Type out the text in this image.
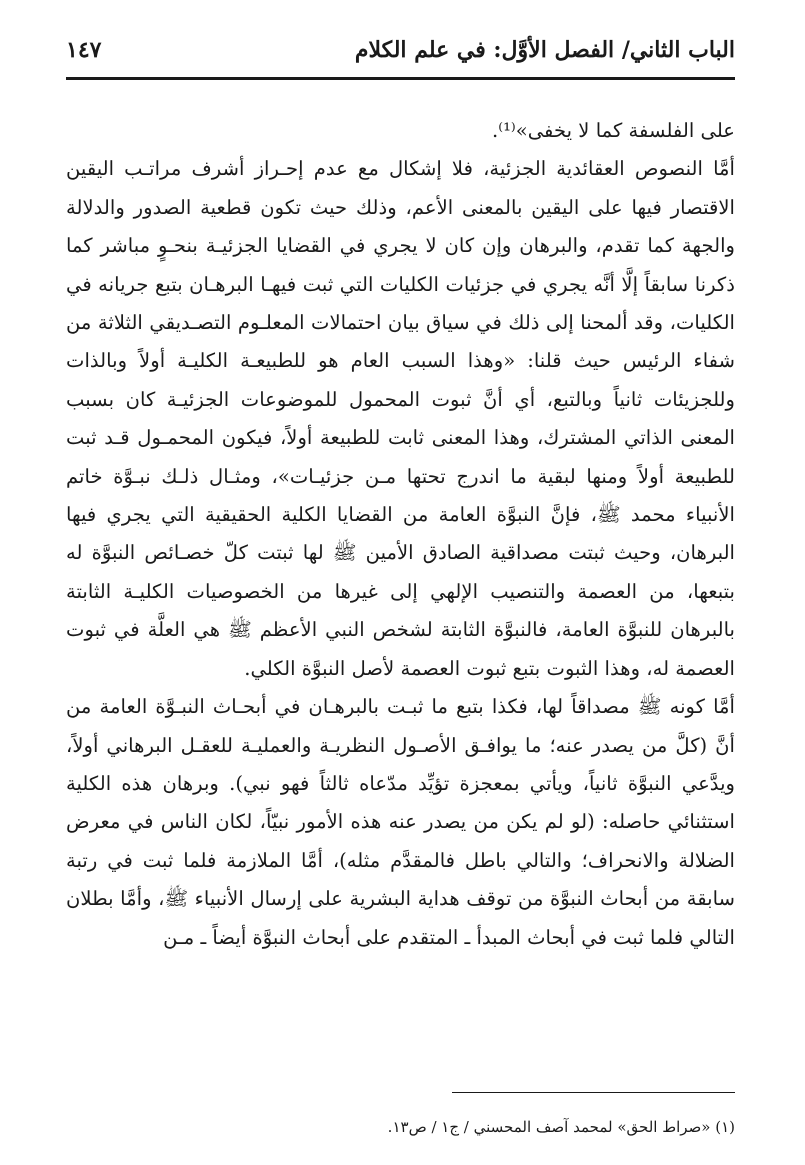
الباب الثاني/ الفصل الأوَّل: في علم الكلام
١٤٧

على الفلسفة كما لا يخفى»⁽¹⁾.

أمَّا النصوص العقائدية الجزئية، فلا إشكال مع عدم إحـراز أشرف مراتـب اليقين الاقتصار فيها على اليقين بالمعنى الأعم، وذلك حيث تكون قطعية الصدور والدلالة والجهة كما تقدم، والبرهان وإن كان لا يجري في القضايا الجزئيـة بنحـوٍ مباشر كما ذكرنا سابقاً إلَّا أنَّه يجري في جزئيات الكليات التي ثبت فيهـا البرهـان بتبع جريانه في الكليات، وقد ألمحنا إلى ذلك في سياق بيان احتمالات المعلـوم التصـديقي الثلاثة من شفاء الرئيس حيث قلنا: «وهذا السبب العام هو للطبيعـة الكليـة أولاً وبالذات وللجزيئات ثانياً وبالتبع، أي أنَّ ثبوت المحمول للموضوعات الجزئيـة كان بسبب المعنى الذاتي المشترك، وهذا المعنى ثابت للطبيعة أولاً، فيكون المحمـول قـد ثبت للطبيعة أولاً ومنها لبقية ما اندرج تحتها مـن جزئيـات»، ومثـال ذلـك نبـوَّة خاتم الأنبياء محمد ﷺ، فإنَّ النبوَّة العامة من القضايا الكلية الحقيقية التي يجري فيها البرهان، وحيث ثبتت مصداقية الصادق الأمين ﷺ لها ثبتت كلّ خصـائص النبوَّة له بتبعها، من العصمة والتنصيب الإلهي إلى غيرها من الخصوصيات الكليـة الثابتة بالبرهان للنبوَّة العامة، فالنبوَّة الثابتة لشخص النبي الأعظم ﷺ هي العلَّة في ثبوت العصمة له، وهذا الثبوت بتبع ثبوت العصمة لأصل النبوَّة الكلي.

أمَّا كونه ﷺ مصداقاً لها، فكذا بتبع ما ثبـت بالبرهـان في أبحـاث النبـوَّة العامة من أنَّ (كلَّ من يصدر عنه؛ ما يوافـق الأصـول النظريـة والعمليـة للعقـل البرهاني أولاً، ويدَّعي النبوَّة ثانياً، ويأتي بمعجزة تؤيِّد مدّعاه ثالثاً فهو نبي). وبرهان هذه الكلية استثنائي حاصله: (لو لم يكن من يصدر عنه هذه الأمور نبيّاً، لكان الناس في معرض الضلالة والانحراف؛ والتالي باطل فالمقدَّم مثله)، أمَّا الملازمة فلما ثبت في رتبة سابقة من أبحاث النبوَّة من توقف هداية البشرية على إرسال الأنبياء ﷺ، وأمَّا بطلان التالي فلما ثبت في أبحاث المبدأ ـ المتقدم على أبحاث النبوَّة أيضاً ـ مـن

(١) «صراط الحق» لمحمد آصف المحسني / ج١ / ص١٣.
